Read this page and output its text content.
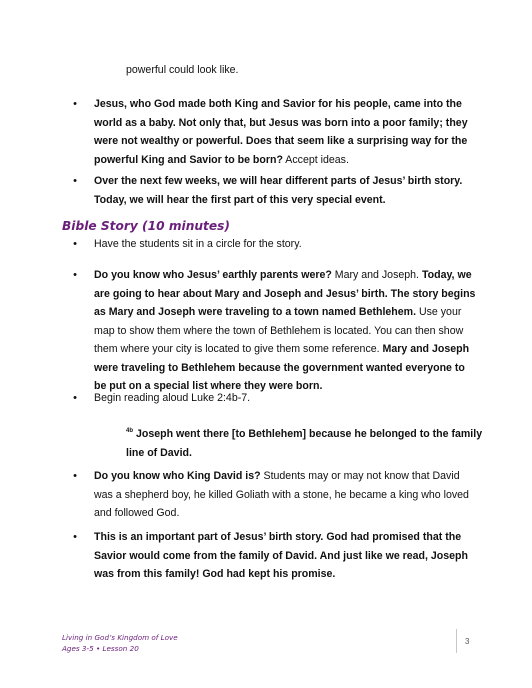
powerful could look like.
•	Jesus, who God made both King and Savior for his people, came into the world as a baby. Not only that, but Jesus was born into a poor family; they were not wealthy or powerful. Does that seem like a surprising way for the powerful King and Savior to be born? Accept ideas.
•	Over the next few weeks, we will hear different parts of Jesus’ birth story. Today, we will hear the first part of this very special event.
Bible Story (10 minutes)
•	Have the students sit in a circle for the story.
•	Do you know who Jesus’ earthly parents were? Mary and Joseph. Today, we are going to hear about Mary and Joseph and Jesus’ birth. The story begins as Mary and Joseph were traveling to a town named Bethlehem. Use your map to show them where the town of Bethlehem is located. You can then show them where your city is located to give them some reference. Mary and Joseph were traveling to Bethlehem because the government wanted everyone to be put on a special list where they were born.
•	Begin reading aloud Luke 2:4b-7.
$^{4b}$ Joseph went there [to Bethlehem] because he belonged to the family line of David.
•	Do you know who King David is? Students may or may not know that David was a shepherd boy, he killed Goliath with a stone, he became a king who loved and followed God.
•	This is an important part of Jesus’ birth story. God had promised that the Savior would come from the family of David. And just like we read, Joseph was from this family! God had kept his promise.
Living in God’s Kingdom of Love
Ages 3-5 • Lesson 20
3
